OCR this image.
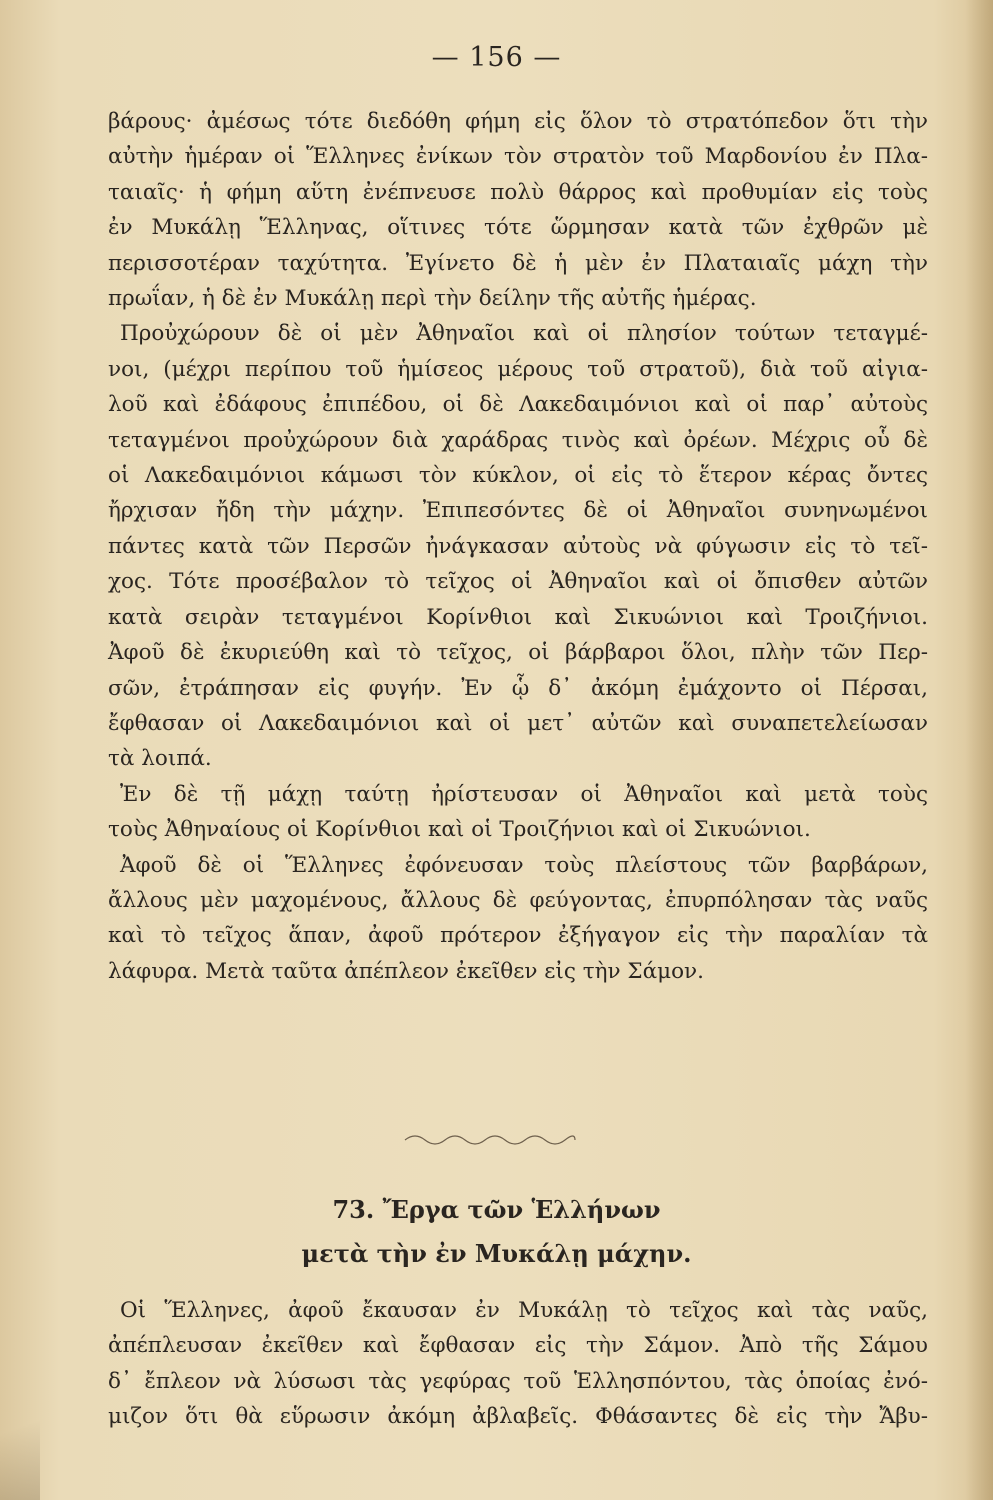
— 156 —
βάρους· ἀμέσως τότε διεδόθη φήμη εἰς ὅλον τὸ στρατόπεδον ὅτι τὴν
αὐτὴν ἡμέραν οἱ Ἕλληνες ἐνίκων τὸν στρατὸν τοῦ Μαρδονίου ἐν Πλα-
ταιαῖς· ἡ φήμη αὕτη ἐνέπνευσε πολὺ θάρρος καὶ προθυμίαν εἰς τοὺς
ἐν Μυκάλῃ Ἕλληνας, οἵτινες τότε ὥρμησαν κατὰ τῶν ἐχθρῶν μὲ
περισσοτέραν ταχύτητα. Ἐγίνετο δὲ ἡ μὲν ἐν Πλαταιαῖς μάχη τὴν
πρωΐαν, ἡ δὲ ἐν Μυκάλῃ περὶ τὴν δείλην τῆς αὐτῆς ἡμέρας.
Προὐχώρουν δὲ οἱ μὲν Ἀθηναῖοι καὶ οἱ πλησίον τούτων τεταγμέ-
νοι, (μέχρι περίπου τοῦ ἡμίσεος μέρους τοῦ στρατοῦ), διὰ τοῦ αἰγια-
λοῦ καὶ ἐδάφους ἐπιπέδου, οἱ δὲ Λακεδαιμόνιοι καὶ οἱ παρ᾽ αὐτοὺς
τεταγμένοι προὐχώρουν διὰ χαράδρας τινὸς καὶ ὀρέων. Μέχρις οὗ δὲ
οἱ Λακεδαιμόνιοι κάμωσι τὸν κύκλον, οἱ εἰς τὸ ἕτερον κέρας ὄντες
ἤρχισαν ἤδη τὴν μάχην. Ἐπιπεσόντες δὲ οἱ Ἀθηναῖοι συνηνωμένοι
πάντες κατὰ τῶν Περσῶν ἠνάγκασαν αὐτοὺς νὰ φύγωσιν εἰς τὸ τεῖ-
χος. Τότε προσέβαλον τὸ τεῖχος οἱ Ἀθηναῖοι καὶ οἱ ὄπισθεν αὐτῶν
κατὰ σειρὰν τεταγμένοι Κορίνθιοι καὶ Σικυώνιοι καὶ Τροιζήνιοι.
Ἀφοῦ δὲ ἐκυριεύθη καὶ τὸ τεῖχος, οἱ βάρβαροι ὅλοι, πλὴν τῶν Περ-
σῶν, ἐτράπησαν εἰς φυγήν. Ἐν ᾧ δ᾽ ἀκόμη ἐμάχοντο οἱ Πέρσαι,
ἔφθασαν οἱ Λακεδαιμόνιοι καὶ οἱ μετ᾽ αὐτῶν καὶ συναπετελείωσαν
τὰ λοιπά.
Ἐν δὲ τῇ μάχῃ ταύτῃ ἠρίστευσαν οἱ Ἀθηναῖοι καὶ μετὰ τοὺς
τοὺς Ἀθηναίους οἱ Κορίνθιοι καὶ οἱ Τροιζήνιοι καὶ οἱ Σικυώνιοι.
Ἀφοῦ δὲ οἱ Ἕλληνες ἐφόνευσαν τοὺς πλείστους τῶν βαρβάρων,
ἄλλους μὲν μαχομένους, ἄλλους δὲ φεύγοντας, ἐπυρπόλησαν τὰς ναῦς
καὶ τὸ τεῖχος ἅπαν, ἀφοῦ πρότερον ἐξήγαγον εἰς τὴν παραλίαν τὰ
λάφυρα. Μετὰ ταῦτα ἀπέπλεον ἐκεῖθεν εἰς τὴν Σάμον.
73. Ἔργα τῶν Ἑλλήνων
μετὰ τὴν ἐν Μυκάλῃ μάχην.
Οἱ Ἕλληνες, ἀφοῦ ἔκαυσαν ἐν Μυκάλῃ τὸ τεῖχος καὶ τὰς ναῦς,
ἀπέπλευσαν ἐκεῖθεν καὶ ἔφθασαν εἰς τὴν Σάμον. Ἀπὸ τῆς Σάμου
δ᾽ ἔπλεον νὰ λύσωσι τὰς γεφύρας τοῦ Ἑλλησπόντου, τὰς ὁποίας ἐνό-
μιζον ὅτι θὰ εὕρωσιν ἀκόμη ἀβλαβεῖς. Φθάσαντες δὲ εἰς τὴν Ἄβυ-
